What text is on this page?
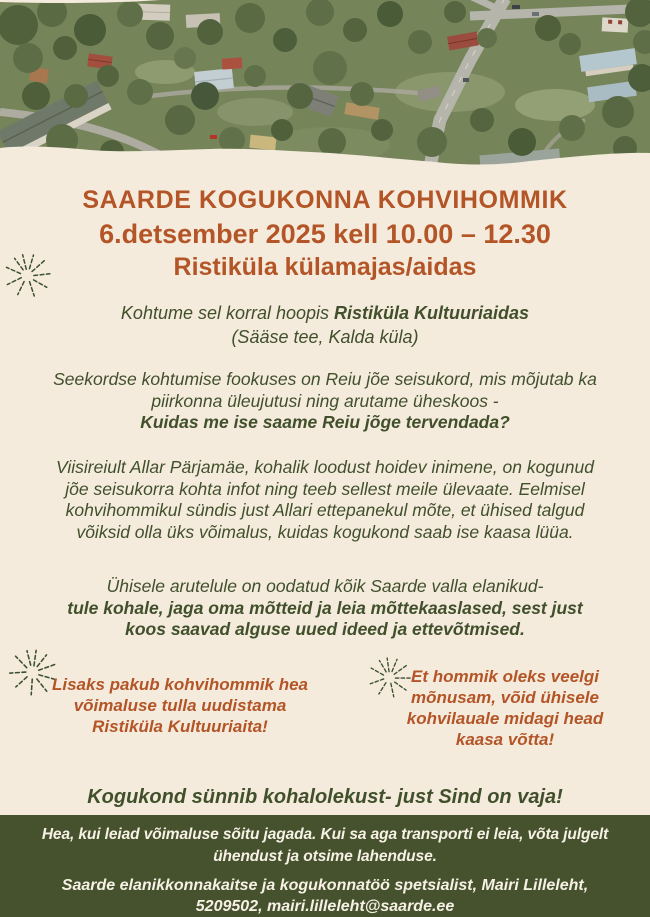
SAARDE KOGUKONNA KOHVIHOMMIK
6.detsember 2025 kell 10.00 – 12.30
Ristiküla külamajas/aidas
Kohtume sel korral hoopis Ristiküla Kultuuriaidas
(Sääse tee, Kalda küla)
Seekordse kohtumise fookuses on Reiu jõe seisukord, mis mõjutab ka
piirkonna üleujutusi ning arutame üheskoos -
Kuidas me ise saame Reiu jõge tervendada?
Viisireiult Allar Pärjamäe, kohalik loodust hoidev inimene, on kogunud
jõe seisukorra kohta infot ning teeb sellest meile ülevaate. Eelmisel
kohvihommikul sündis just Allari ettepanekul mõte, et ühised talgud
võiksid olla üks võimalus, kuidas kogukond saab ise kaasa lüüa.
Ühisele arutelule on oodatud kõik Saarde valla elanikud-
tule kohale, jaga oma mõtteid ja leia mõttekaaslased, sest just
koos saavad alguse uued ideed ja ettevõtmised.
Lisaks pakub kohvihommik hea
võimaluse tulla uudistama
Ristiküla Kultuuriaita!
Et hommik oleks veelgi
mõnusam, võid ühisele
kohvilauale midagi head
kaasa võtta!
Kogukond sünnib kohalolekust- just Sind on vaja!
Hea, kui leiad võimaluse sõitu jagada. Kui sa aga transporti ei leia, võta julgelt
ühendust ja otsime lahenduse.
Saarde elanikkonnakaitse ja kogukonnatöö spetsialist, Mairi Lilleleht,
5209502, mairi.lilleleht@saarde.ee
